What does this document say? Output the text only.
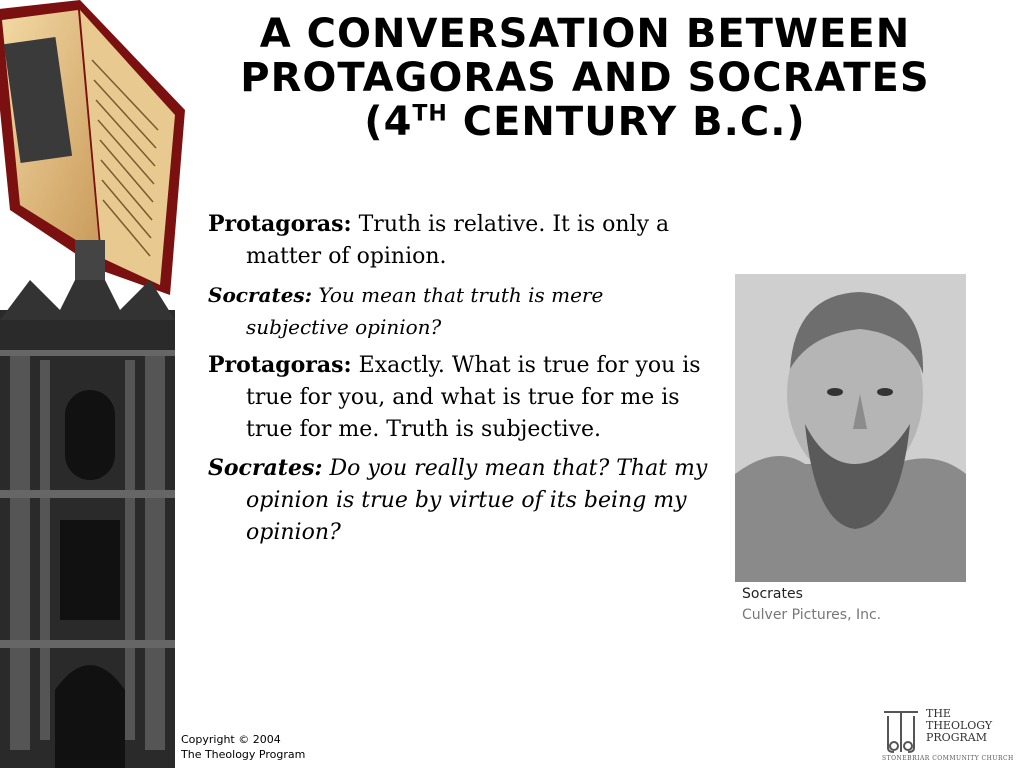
A CONVERSATION BETWEEN
PROTAGORAS AND SOCRATES
(4TH CENTURY B.C.)

Protagoras: Truth is relative. It is only a matter of opinion.

Socrates: You mean that truth is mere subjective opinion?

Protagoras: Exactly. What is true for you is true for you, and what is true for me is true for me. Truth is subjective.

Socrates: Do you really mean that? That my opinion is true by virtue of its being my opinion?

Socrates
Culver Pictures, Inc.
Copyright © 2004
The Theology Program
THE
THEOLOGY
PROGRAM
STONEBRIAR COMMUNITY CHURCH
